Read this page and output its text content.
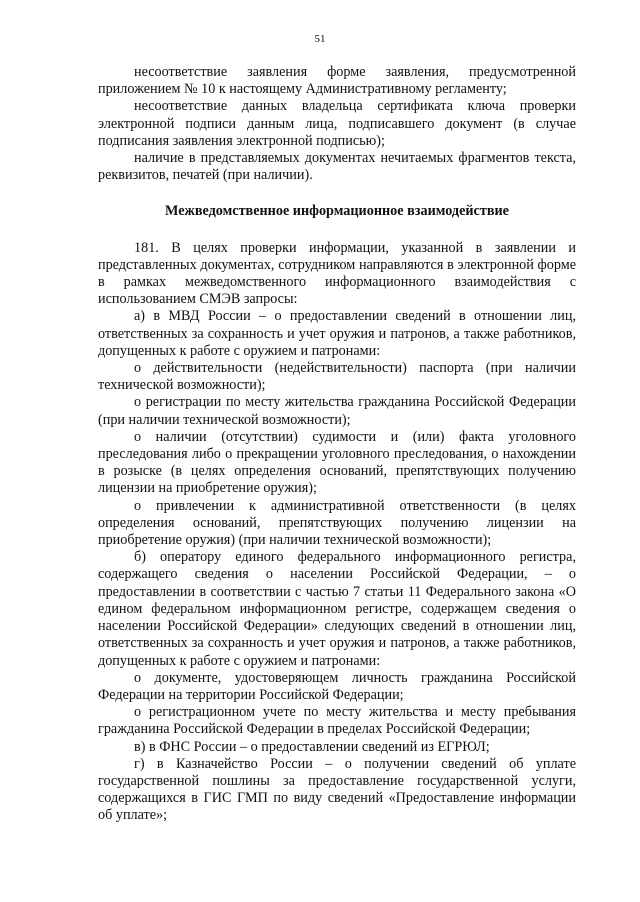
51

несоответствие заявления форме заявления, предусмотренной приложением № 10 к настоящему Административному регламенту;

несоответствие данных владельца сертификата ключа проверки электронной подписи данным лица, подписавшего документ (в случае подписания заявления электронной подписью);

наличие в представляемых документах нечитаемых фрагментов текста, реквизитов, печатей (при наличии).

Межведомственное информационное взаимодействие

181. В целях проверки информации, указанной в заявлении и представленных документах, сотрудником направляются в электронной форме в рамках межведомственного информационного взаимодействия с использованием СМЭВ запросы:

а) в МВД России – о предоставлении сведений в отношении лиц, ответственных за сохранность и учет оружия и патронов, а также работников, допущенных к работе с оружием и патронами:

о действительности (недействительности) паспорта (при наличии технической возможности);

о регистрации по месту жительства гражданина Российской Федерации (при наличии технической возможности);

о наличии (отсутствии) судимости и (или) факта уголовного преследования либо о прекращении уголовного преследования, о нахождении в розыске (в целях определения оснований, препятствующих получению лицензии на приобретение оружия);

о привлечении к административной ответственности (в целях определения оснований, препятствующих получению лицензии на приобретение оружия) (при наличии технической возможности);

б) оператору единого федерального информационного регистра, содержащего сведения о населении Российской Федерации, – о предоставлении в соответствии с частью 7 статьи 11 Федерального закона «О едином федеральном информационном регистре, содержащем сведения о населении Российской Федерации» следующих сведений в отношении лиц, ответственных за сохранность и учет оружия и патронов, а также работников, допущенных к работе с оружием и патронами:

о документе, удостоверяющем личность гражданина Российской Федерации на территории Российской Федерации;

о регистрационном учете по месту жительства и месту пребывания гражданина Российской Федерации в пределах Российской Федерации;

в) в ФНС России – о предоставлении сведений из ЕГРЮЛ;

г) в Казначейство России – о получении сведений об уплате государственной пошлины за предоставление государственной услуги, содержащихся в ГИС ГМП по виду сведений «Предоставление информации об уплате»;
